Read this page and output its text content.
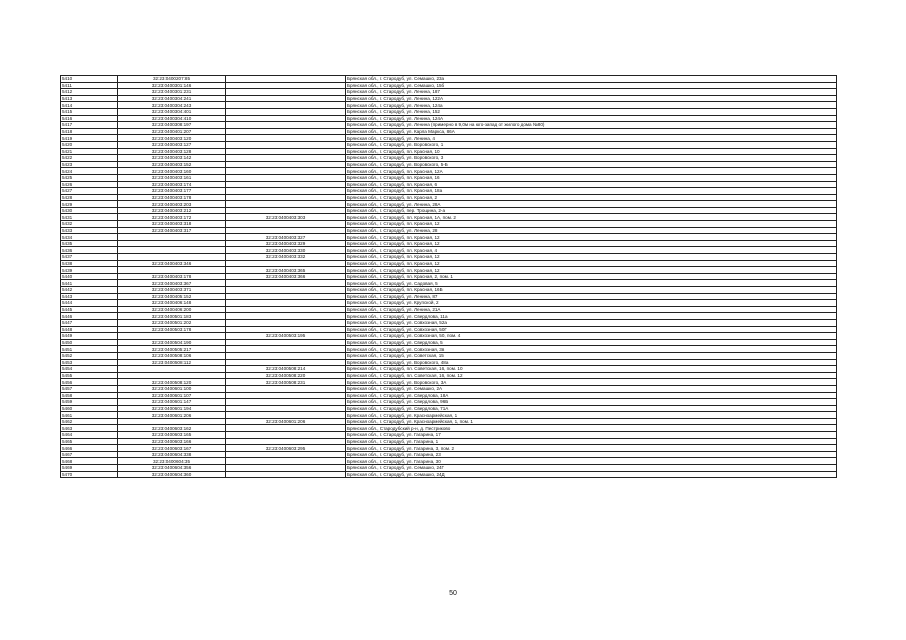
5410	32:23:0400207:85		Брянская обл., г. Стародуб, ул. Семашко, 23а
5411	32:23:0400301:146		Брянская обл., г. Стародуб, ул. Семашко, 15б
5412	32:23:0400301:231		Брянская обл., г. Стародуб, ул. Ленина, 187
5413	32:23:0400304:241		Брянская обл., г. Стародуб, ул. Ленина, 122А
5414	32:23:0400304:243		Брянская обл., г. Стародуб, ул. Ленина, 124а
5415	32:23:0400304:401		Брянская обл., г. Стародуб, ул. Ленина, 152
5416	32:23:0400304:410		Брянская обл., г. Стародуб, ул. Ленина, 124А
5417	32:23:0400308:197		Брянская обл., г. Стародуб, ул. Ленина (примерно в 9,0м на юго-запад от жилого дома №80)
5418	32:23:0400401:207		Брянская обл., г. Стародуб, ул. Карла Маркса, 86А
5419	32:23:0400403:120		Брянская обл., г. Стародуб, ул. Ленина, 4
5420	32:23:0400403:127		Брянская обл., г. Стародуб, ул. Воровского, 1
5421	32:23:0400403:128		Брянская обл., г. Стародуб, пл. Красная, 10
5422	32:23:0400403:142		Брянская обл., г. Стародуб, ул. Воровского, 3
5423	32:23:0400403:152		Брянская обл., г. Стародуб, ул. Воровского, 5-Б
5424	32:23:0400403:160		Брянская обл., г. Стародуб, пл. Красная, 12А
5425	32:23:0400403:161		Брянская обл., г. Стародуб, пл. Красная, 16
5426	32:23:0400403:174		Брянская обл., г. Стародуб, пл. Красная, 6
5427	32:23:0400403:177		Брянская обл., г. Стародуб, пл. Красная, 18а
5428	32:23:0400403:178		Брянская обл., г. Стародуб, пл. Красная, 2
5429	32:23:0400403:203		Брянская обл., г. Стародуб, ул. Ленина, 28А
5430	32:23:0400403:212		Брянская обл., г. Стародуб, пер. Трощина, 2-а
5431	32:23:0400403:172	32:23:0400403:303	Брянская обл., г. Стародуб, пл. Красная, 1А, пом. 2
5432	32:23:0400403:318		Брянская обл., г. Стародуб, пл. Красная, 12
5433	32:23:0400403:317		Брянская обл., г. Стародуб, ул. Ленина, 28
5434		32:23:0400403:327	Брянская обл., г. Стародуб, пл. Красная, 12
5435		32:23:0400403:329	Брянская обл., г. Стародуб, пл. Красная, 12
5436		32:23:0400403:330	Брянская обл., г. Стародуб, пл. Красная, 4
5437		32:23:0400403:332	Брянская обл., г. Стародуб, пл. Красная, 12
5438	32:23:0400403:346		Брянская обл., г. Стародуб, пл. Красная, 12
5439		32:23:0400403:365	Брянская обл., г. Стародуб, пл. Красная, 12
5440	32:23:0400403:178	32:23:0400403:366	Брянская обл., г. Стародуб, пл. Красная, 2, пом. 1
5441	32:23:0400403:367		Брянская обл., г. Стародуб, ул. Садовая, 5
5442	32:23:0400403:371		Брянская обл., г. Стародуб, пл. Красная, 16Б
5443	32:23:0400405:152		Брянская обл., г. Стародуб, ул. Ленина, 87
5444	32:23:0400406:148		Брянская обл., г. Стародуб, ул. Крупской, 2
5445	32:23:0400406:200		Брянская обл., г. Стародуб, ул. Ленина, 21А
5446	32:23:0400501:183		Брянская обл., г. Стародуб, ул. Свердлова, 11а
5447	32:23:0400501:202		Брянская обл., г. Стародуб, ул. Совхозная, 52а
5448	32:23:0400503:178		Брянская обл., г. Стародуб, ул. Совхозная, 50Г
5449		32:23:0400503:195	Брянская обл., г. Стародуб, ул. Совхозная, 50, пом. 4
5450	32:23:0400504:190		Брянская обл., г. Стародуб, ул. Свердлова, 5
5451	32:23:0400505:217		Брянская обл., г. Стародуб, ул. Совхозная, 3в
5452	32:23:0400508:106		Брянская обл., г. Стародуб, ул. Советская, 15
5453	32:23:0400508:112		Брянская обл., г. Стародуб, ул. Воровского, 48а
5454		32:23:0400508:214	Брянская обл., г. Стародуб, пл. Советская, 16, пом. 10
5455		32:23:0400508:220	Брянская обл., г. Стародуб, пл. Советская, 16, пом. 12
5456	32:23:0400508:120	32:23:0400508:231	Брянская обл., г. Стародуб, ул. Воровского, 3А
5457	32:23:0400601:100		Брянская обл., г. Стародуб, ул. Семашко, 2А
5458	32:23:0400601:107		Брянская обл., г. Стародуб, ул. Свердлова, 18А
5459	32:23:0400601:147		Брянская обл., г. Стародуб, ул. Свердлова, 96Б
5460	32:23:0400601:194		Брянская обл., г. Стародуб, ул. Свердлова, 71А
5461	32:23:0400601:206		Брянская обл., г. Стародуб, ул. Красноармейская, 1
5462		32:23:0400601:206	Брянская обл., г. Стародуб, ул. Красноармейская, 1, пом. 1
5463	32:23:0400603:162		Брянская обл., Стародубский р-н, д. Пестриково
5464	32:23:0400603:165		Брянская обл., г. Стародуб, ул. Гагарина, 17
5465	32:23:0400603:166		Брянская обл., г. Стародуб, ул. Гагарина, 1
5466	32:23:0400603:167	32:23:0400603:295	Брянская обл., г. Стародуб, ул. Гагарина, 3, пом. 2
5467	32:23:0400604:338		Брянская обл., г. Стародуб, ул. Гагарина, 23
5468	32:23:0400604:35		Брянская обл., г. Стародуб, ул. Гагарина, 30
5469	32:23:0400604:356		Брянская обл., г. Стародуб, ул. Семашко, 24Г
5470	32:23:0400604:360		Брянская обл., г. Стародуб, ул. Семашко, 24Д
50
